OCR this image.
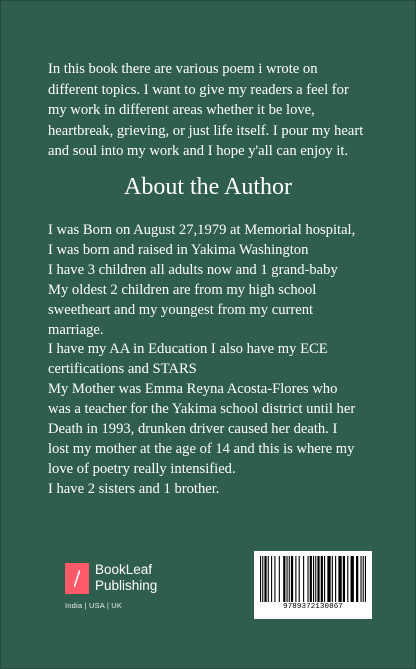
In this book there are various poem i wrote on
different topics. I want to give my readers a feel for
my work in different areas whether it be love,
heartbreak, grieving, or just life itself. I pour my heart
and soul into my work and I hope y'all can enjoy it.
About the Author

I was Born on August 27,1979 at Memorial hospital,

I was born and raised in Yakima Washington

I have 3 children all adults now and 1 grand-baby

My oldest 2 children are from my high school

sweetheart and my youngest from my current

marriage.

I have my AA in Education I also have my ECE

certifications and STARS

My Mother was Emma Reyna Acosta-Flores who

was a teacher for the Yakima school district until her

Death in 1993, drunken driver caused her death. I

lost my mother at the age of 14 and this is where my

love of poetry really intensified.

I have 2 sisters and 1 brother.

BookLeaf
Publishing
India | USA | UK	9789372130867
